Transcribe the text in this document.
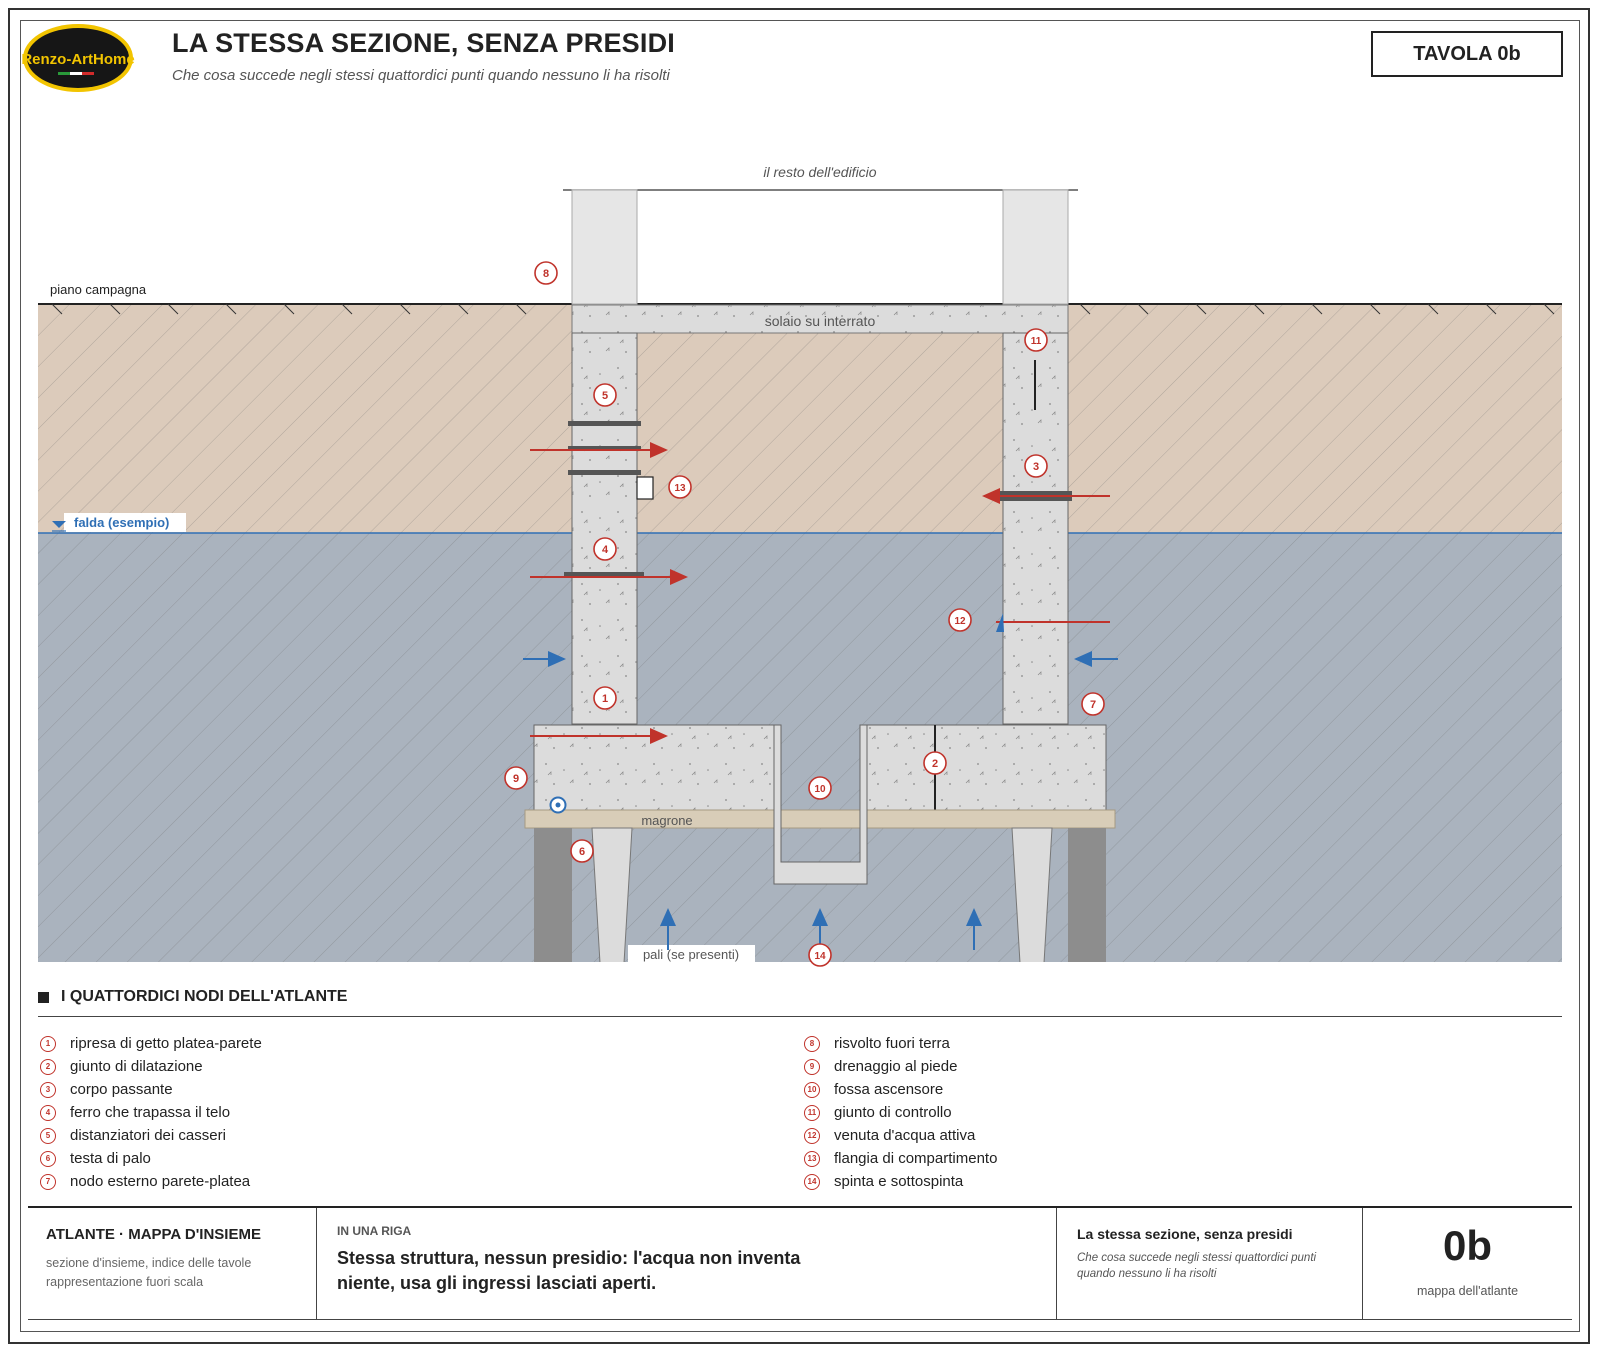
Renzo-ArtHome
LA STESSA SEZIONE, SENZA PRESIDI
Che cosa succede negli stessi quattordici punti quando nessuno li ha risolti
TAVOLA 0b
piano campagna
falda (esempio)
il resto dell'edificio
solaio su interrato
magrone
pali (se presenti)
1
2
3
4
5
6
7
8
9
10
11
12
13
14
I QUATTORDICI NODI DELL'ATLANTE
1	ripresa di getto platea-parete
2	giunto di dilatazione
3	corpo passante
4	ferro che trapassa il telo
5	distanziatori dei casseri
6	testa di palo
7	nodo esterno parete-platea
8	risvolto fuori terra
9	drenaggio al piede
10 fossa ascensore
11 giunto di controllo
12 venuta d'acqua attiva
13 flangia di compartimento
14 spinta e sottospinta
ATLANTE · MAPPA D'INSIEME
sezione d'insieme, indice delle tavole
rappresentazione fuori scala
IN UNA RIGA
Stessa struttura, nessun presidio: l'acqua non inventa niente, usa gli ingressi lasciati aperti.
La stessa sezione, senza presidi
Che cosa succede negli stessi quattordici punti quando nessuno li ha risolti
0b
mappa dell'atlante
